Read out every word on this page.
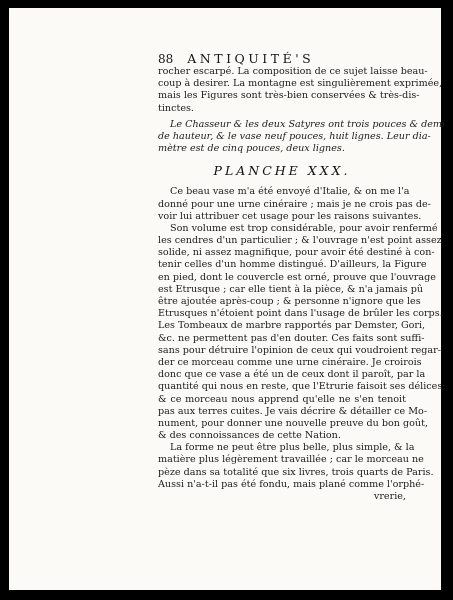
88 ANTIQUITÉ'S
rocher escarpé. La composition de ce sujet laisse beau-
coup à desirer. La montagne est singulièrement exprimée,
mais les Figures sont très-bien conservées & très-dis-
tinctes.
Le Chasseur & les deux Satyres ont trois pouces & demi
de hauteur, & le vase neuf pouces, huit lignes. Leur dia-
mètre est de cinq pouces, deux lignes.
PLANCHE XXX.
Ce beau vase m'a été envoyé d'Italie, & on me l'a
donné pour une urne cinéraire ; mais je ne crois pas de-
voir lui attribuer cet usage pour les raisons suivantes.
Son volume est trop considérable, pour avoir renfermé
les cendres d'un particulier ; & l'ouvrage n'est point assez
solide, ni assez magnifique, pour avoir été destiné à con-
tenir celles d'un homme distingué. D'ailleurs, la Figure
en pied, dont le couvercle est orné, prouve que l'ouvrage
est Etrusque ; car elle tient à la pièce, & n'a jamais pû
être ajoutée après-coup ; & personne n'ignore que les
Etrusques n'étoient point dans l'usage de brûler les corps.
Les Tombeaux de marbre rapportés par Demster, Gori,
&c. ne permettent pas d'en douter. Ces faits sont suffi-
sans pour détruire l'opinion de ceux qui voudroient regar-
der ce morceau comme une urne cinéraire. Je croirois
donc que ce vase a été un de ceux dont il paroît, par la
quantité qui nous en reste, que l'Etrurie faisoit ses délices;
& ce morceau nous apprend qu'elle ne s'en tenoit
pas aux terres cuites. Je vais décrire & détailler ce Mo-
nument, pour donner une nouvelle preuve du bon goût,
& des connoissances de cette Nation.
La forme ne peut être plus belle, plus simple, & la
matière plus légèrement travaillée ; car le morceau ne
pèze dans sa totalité que six livres, trois quarts de Paris.
Aussi n'a-t-il pas été fondu, mais plané comme l'orphé-
vrerie,
